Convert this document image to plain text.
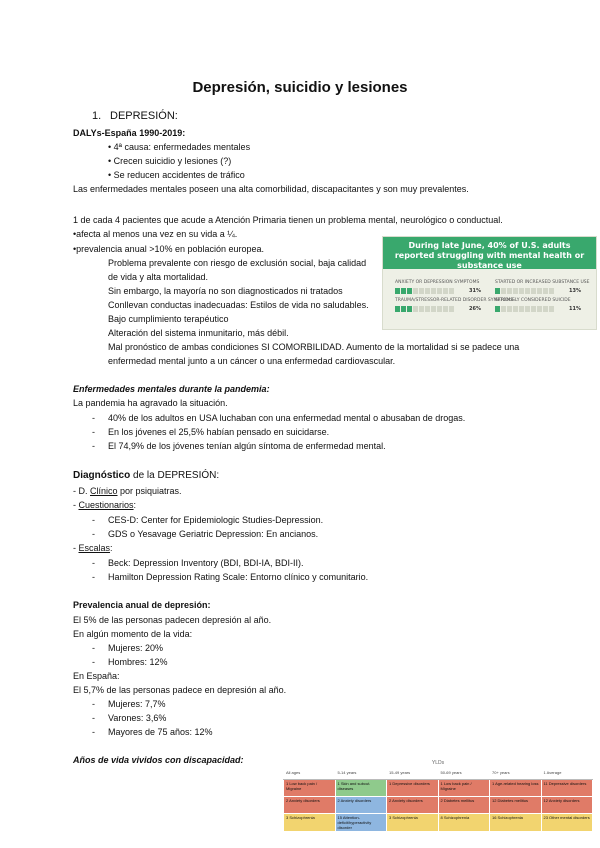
Depresión, suicidio y lesiones
1. DEPRESIÓN:
DALYs-España 1990-2019:
• 4ª causa: enfermedades mentales
• Crecen suicidio y lesiones (?)
• Se reducen accidentes de tráfico
Las enfermedades mentales poseen una alta comorbilidad, discapacitantes y son muy prevalentes.
1 de cada 4 pacientes que acude a Atención Primaria tienen un problema mental, neurológico o conductual.
•afecta al menos una vez en su vida a ¼.
•prevalencia anual >10% en población europea.
Problema prevalente con riesgo de exclusión social, baja calidad
de vida y alta mortalidad.
Sin embargo, la mayoría no son diagnosticados ni tratados
Conllevan conductas inadecuadas: Estilos de vida no saludables.
Bajo cumplimiento terapéutico
Alteración del sistema inmunitario, más débil.
Mal pronóstico de ambas condiciones SI COMORBILIDAD. Aumento de la mortalidad si se padece una
enfermedad mental junto a un cáncer o una enfermedad cardiovascular.
During late June, 40% of U.S. adults reported struggling with mental health or substance use
ANXIETY OR DEPRESSION SYMPTOMS
31%
STARTED OR INCREASED SUBSTANCE USE
13%
TRAUMA/STRESSOR-RELATED DISORDER SYMPTOMS
26%
SERIOUSLY CONSIDERED SUICIDE
11%
Enfermedades mentales durante la pandemia:
La pandemia ha agravado la situación.
- 40% de los adultos en USA luchaban con una enfermedad mental o abusaban de drogas.
- En los jóvenes el 25,5% habían pensado en suicidarse.
- El 74,9% de los jóvenes tenían algún síntoma de enfermedad mental.
Diagnóstico de la DEPRESIÓN:
- D. Clínico por psiquiatras.
- Cuestionarios:
- CES-D: Center for Epidemiologic Studies-Depression.
- GDS o Yesavage Geriatric Depression: En ancianos.
- Escalas:
- Beck: Depression Inventory (BDI, BDI-IA, BDI-II).
- Hamilton Depression Rating Scale: Entorno clínico y comunitario.
Prevalencia anual de depresión:
El 5% de las personas padecen depresión al año.
En algún momento de la vida:
- Mujeres: 20%
- Hombres: 12%
En España:
El 5,7% de las personas padece en depresión al año.
- Mujeres: 7,7%
- Varones: 3,6%
- Mayores de 75 años: 12%
Años de vida vividos con discapacidad:	YLDs
All ages	5-14 years	15-49 years	50-69 years	70+ years	1 Average
1 Low back pain / Migraine	1 Skin and subcut. diseases	1 Depressive disorders	1 Low back pain / Migraine	1 Age-related hearing loss	11 Depressive disorders
2 Anxiety disorders	2 Anxiety disorders	2 Anxiety disorders	2 Diabetes mellitus	12 Diabetes mellitus	12 Anxiety disorders
3 Schizophrenia	15 Attention-deficit/hyperactivity disorder	3 Schizophrenia	8 Schizophrenia	16 Schizophrenia	23 Other mental disorders
